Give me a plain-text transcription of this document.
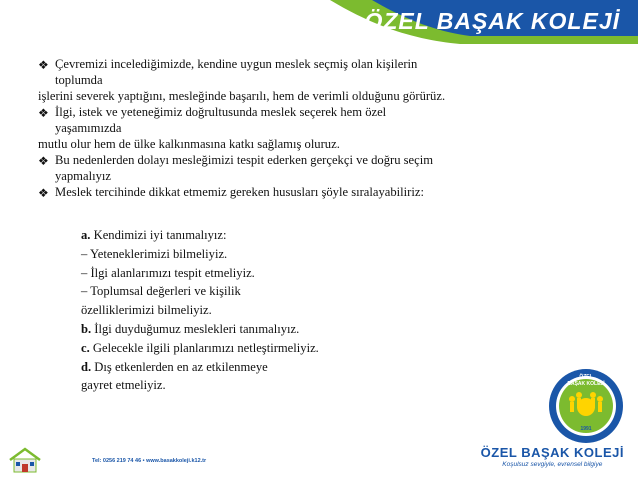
ÖZEL BAŞAK KOLEJİ
❖ Çevremizi incelediğimizde, kendine uygun meslek seçmiş olan kişilerin
toplumda
işlerini severek yaptığını, mesleğinde başarılı, hem de verimli olduğunu görürüz.
❖ İlgi, istek ve yeteneğimiz doğrultusunda meslek seçerek hem özel
yaşamımızda
mutlu olur hem de ülke kalkınmasına katkı sağlamış oluruz.
❖ Bu nedenlerden dolayı mesleğimizi tespit ederken gerçekçi ve doğru seçim
yapmalıyız
❖ Meslek tercihinde dikkat etmemiz gereken hususları şöyle sıralayabiliriz:
a. Kendimizi iyi tanımalıyız:
– Yeteneklerimizi bilmeliyiz.
– İlgi alanlarımızı tespit etmeliyiz.
– Toplumsal değerleri ve kişilik
özelliklerimizi bilmeliyiz.
b. İlgi duyduğumuz meslekleri tanımalıyız.
c. Gelecekle ilgili planlarımızı netleştirmeliyiz.
d. Dış etkenlerden en az etkilenmeye
gayret etmeliyiz.
ÖZEL
BAŞAK KOLEJİ
1991
ÖZEL BAŞAK KOLEJİ
Koşulsuz sevgiyle, evrensel bilgiye
Tel: 0256 219 74 46 • www.basakkoleji.k12.tr
